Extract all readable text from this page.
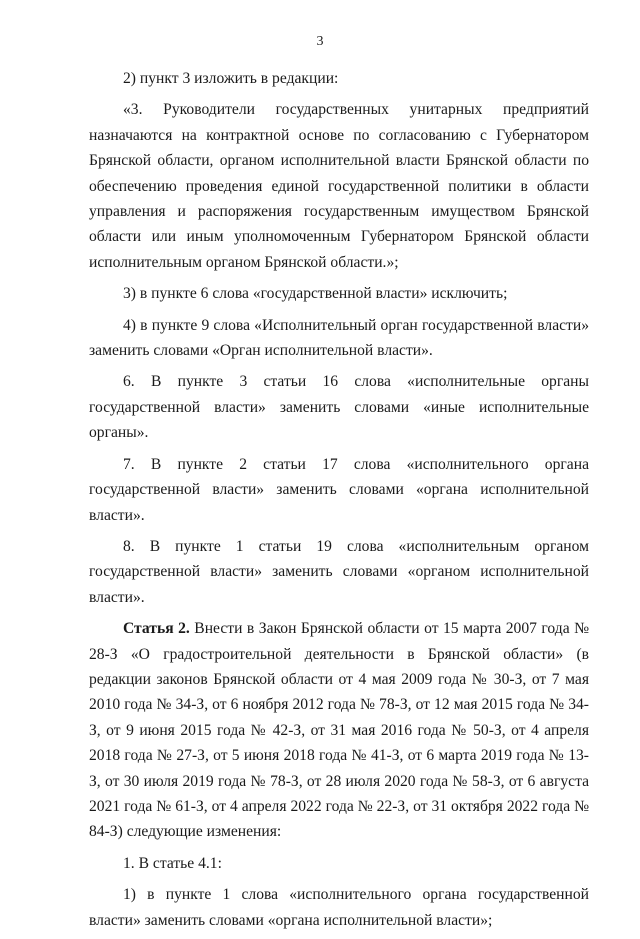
3

2) пункт 3 изложить в редакции:

«3. Руководители государственных унитарных предприятий назначаются на контрактной основе по согласованию с Губернатором Брянской области, органом исполнительной власти Брянской области по обеспечению проведения единой государственной политики в области управления и распоряжения государственным имуществом Брянской области или иным уполномоченным Губернатором Брянской области исполнительным органом Брянской области.»;

3) в пункте 6 слова «государственной власти» исключить;

4) в пункте 9 слова «Исполнительный орган государственной власти» заменить словами «Орган исполнительной власти».

6. В пункте 3 статьи 16 слова «исполнительные органы государственной власти» заменить словами «иные исполнительные органы».

7. В пункте 2 статьи 17 слова «исполнительного органа государственной власти» заменить словами «органа исполнительной власти».

8. В пункте 1 статьи 19 слова «исполнительным органом государственной власти» заменить словами «органом исполнительной власти».

Статья 2. Внести в Закон Брянской области от 15 марта 2007 года № 28-З «О градостроительной деятельности в Брянской области» (в редакции законов Брянской области от 4 мая 2009 года № 30-З, от 7 мая 2010 года № 34-З, от 6 ноября 2012 года № 78-З, от 12 мая 2015 года № 34-З, от 9 июня 2015 года № 42-З, от 31 мая 2016 года № 50-З, от 4 апреля 2018 года № 27-З, от 5 июня 2018 года № 41-З, от 6 марта 2019 года № 13-З, от 30 июля 2019 года № 78-З, от 28 июля 2020 года № 58-З, от 6 августа 2021 года № 61-З, от 4 апреля 2022 года № 22-З, от 31 октября 2022 года № 84-З) следующие изменения:

1. В статье 4.1:

1) в пункте 1 слова «исполнительного органа государственной власти» заменить словами «органа исполнительной власти»;
